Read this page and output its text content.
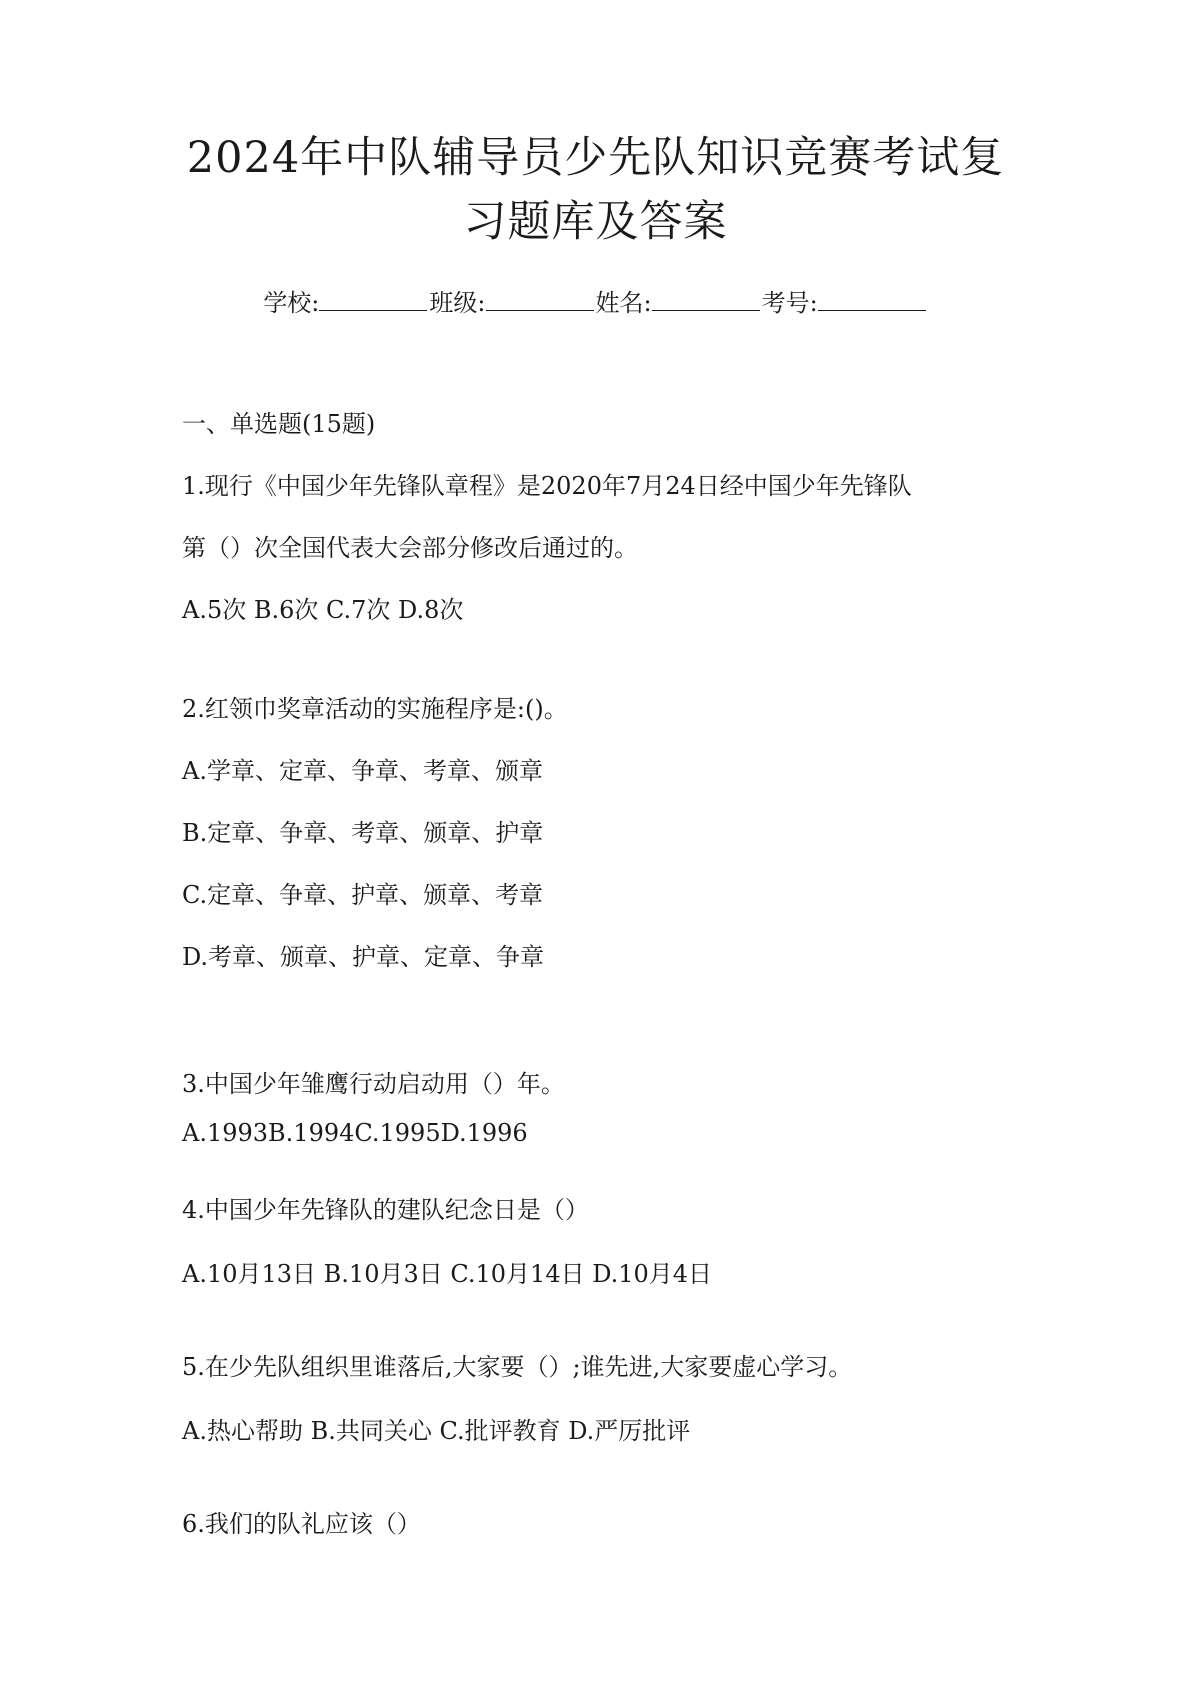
2024年中队辅导员少先队知识竞赛考试复
习题库及答案
学校:	班级:	姓名:	考号:
一、单选题(15题)
1.现行《中国少年先锋队章程》是2020年7月24日经中国少年先锋队
第（）次全国代表大会部分修改后通过的。
A.5次 B.6次 C.7次 D.8次
2.红领巾奖章活动的实施程序是:()。
A.学章、定章、争章、考章、颁章
B.定章、争章、考章、颁章、护章
C.定章、争章、护章、颁章、考章
D.考章、颁章、护章、定章、争章
3.中国少年雏鹰行动启动用（）年。
A.1993B.1994C.1995D.1996
4.中国少年先锋队的建队纪念日是（）
A.10月13日 B.10月3日 C.10月14日 D.10月4日
5.在少先队组织里谁落后,大家要（）;谁先进,大家要虚心学习。
A.热心帮助 B.共同关心 C.批评教育 D.严厉批评
6.我们的队礼应该（）
